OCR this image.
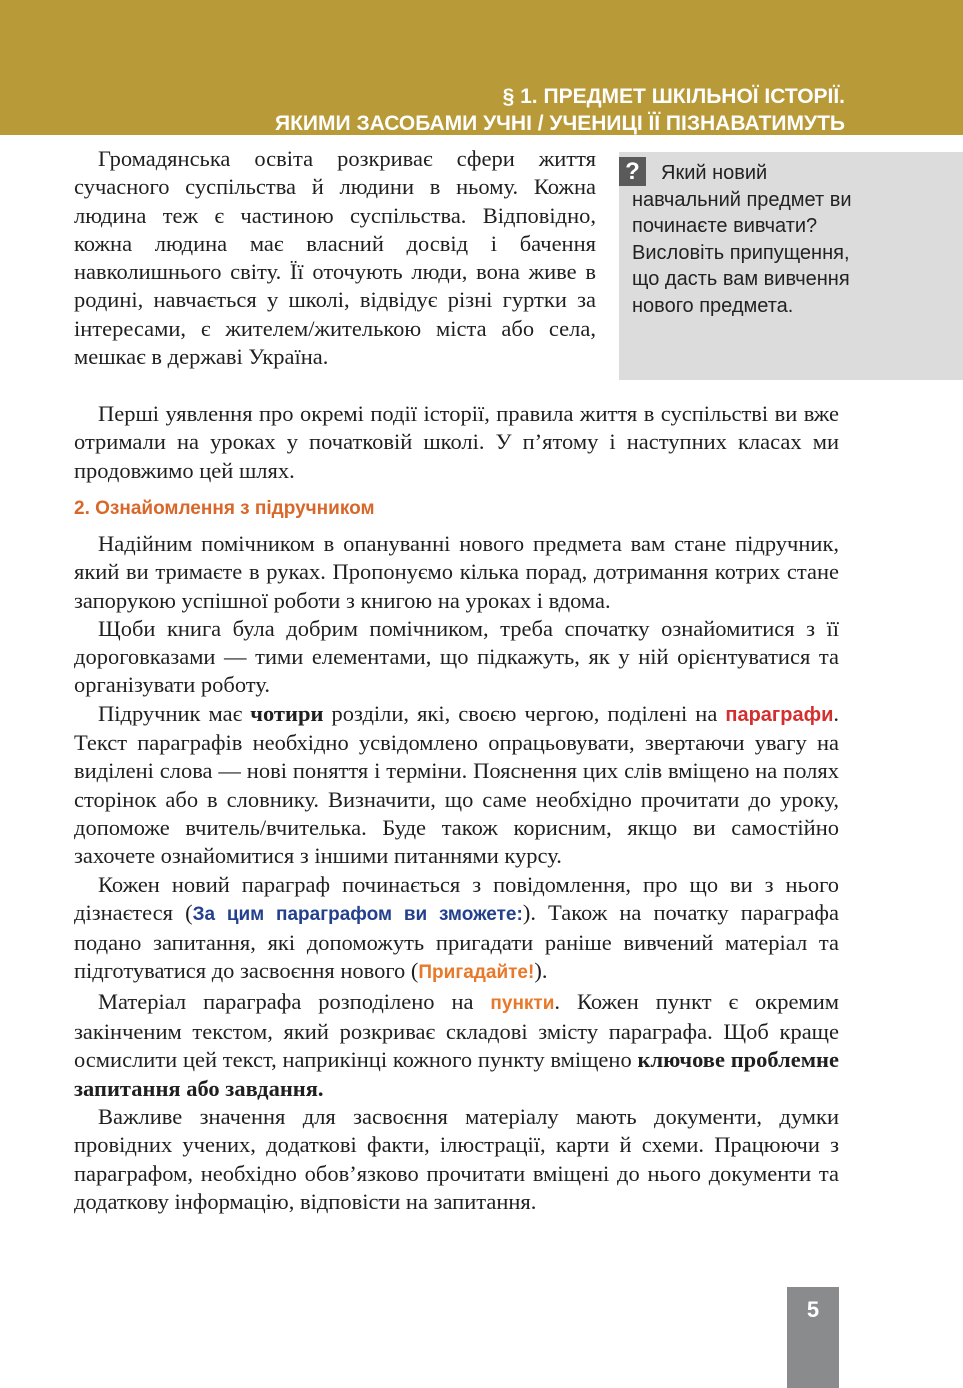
§ 1. ПРЕДМЕТ ШКІЛЬНОЇ ІСТОРІЇ.
ЯКИМИ ЗАСОБАМИ УЧНІ / УЧЕНИЦІ ЇЇ ПІЗНАВАТИМУТЬ

Громадянська освіта розкриває сфери життя сучасного суспільства й людини в ньому. Кожна людина теж є частиною суспільства. Відповідно, кожна людина має власний досвід і бачення навколишнього світу. Її оточують люди, вона живе в родині, навчається у школі, відвідує різні гуртки за інтересами, є жителем/жителькою міста або села, мешкає в державі Україна.

?	Який новий навчальний предмет ви починаєте вивчати? Висловіть припущення, що дасть вам вивчення нового предмета.

Перші уявлення про окремі події історії, правила життя в суспільстві ви вже отримали на уроках у початковій школі. У п’ятому і наступних класах ми продовжимо цей шлях.

2. Ознайомлення з підручником

Надійним помічником в опануванні нового предмета вам стане підручник, який ви тримаєте в руках. Пропонуємо кілька порад, дотримання котрих стане запорукою успішної роботи з книгою на уроках і вдома.

Щоби книга була добрим помічником, треба спочатку ознайомитися з її дороговказами — тими елементами, що підкажуть, як у ній орієнтуватися та організувати роботу.

Підручник має чотири розділи, які, своєю чергою, поділені на параграфи. Текст параграфів необхідно усвідомлено опрацьовувати, звертаючи увагу на виділені слова — нові поняття і терміни. Пояснення цих слів вміщено на полях сторінок або в словнику. Визначити, що саме необхідно прочитати до уроку, допоможе вчитель/вчителька. Буде також корисним, якщо ви самостійно захочете ознайомитися з іншими питаннями курсу.

Кожен новий параграф починається з повідомлення, про що ви з нього дізнаєтеся (За цим параграфом ви зможете:). Також на початку параграфа подано запитання, які допоможуть пригадати раніше вивчений матеріал та підготуватися до засвоєння нового (Пригадайте!).

Матеріал параграфа розподілено на пункти. Кожен пункт є окремим закінченим текстом, який розкриває складові змісту параграфа. Щоб краще осмислити цей текст, наприкінці кожного пункту вміщено ключове проблемне запитання або завдання.

Важливе значення для засвоєння матеріалу мають документи, думки провідних учених, додаткові факти, ілюстрації, карти й схеми. Працюючи з параграфом, необхідно обов’язково прочитати вміщені до нього документи та додаткову інформацію, відповісти на запитання.

5
